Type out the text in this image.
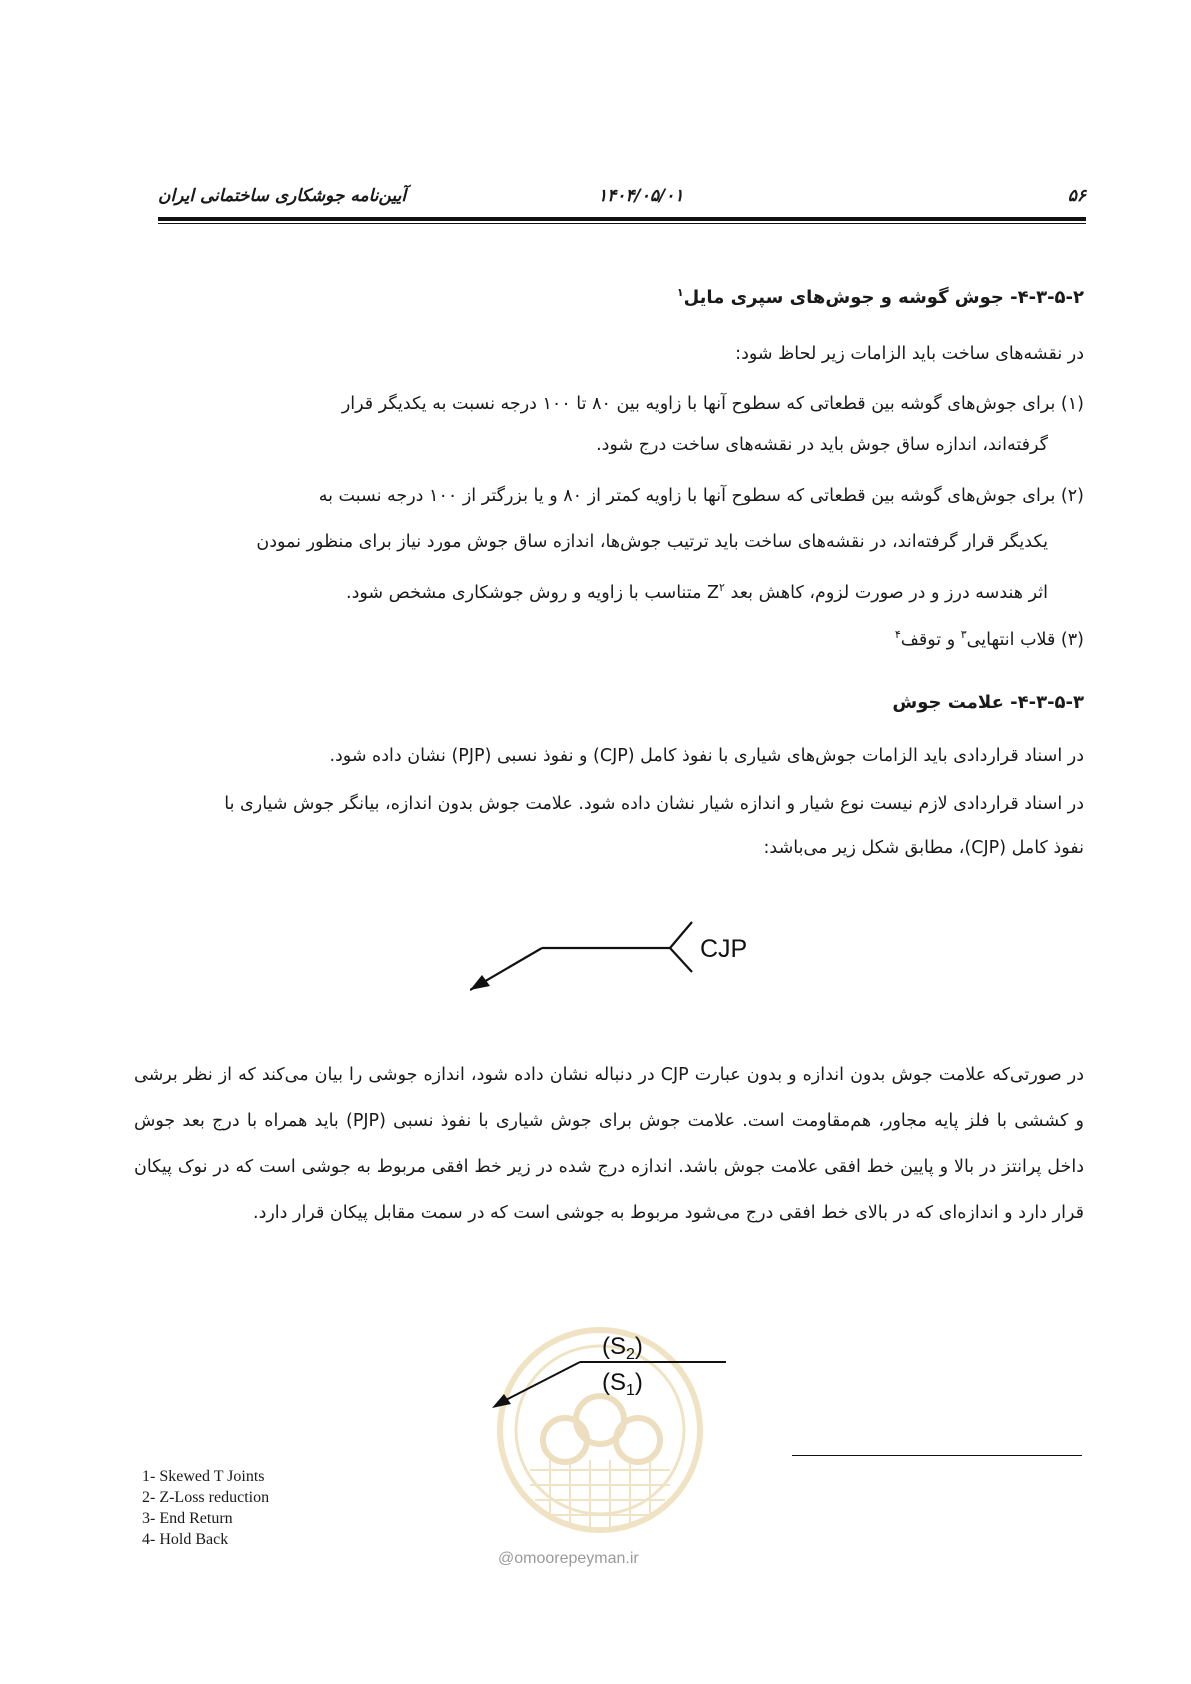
آیین‌نامه جوشکاری ساختمانی ایران	۱۴۰۴/۰۵/۰۱	۵۶
۴-۳-۵-۲- جوش گوشه و جوش‌های سپری مایل$^۱$
در نقشه‌های ساخت باید الزامات زیر لحاظ شود:
(۱) برای جوش‌های گوشه بین قطعاتی که سطوح آنها با زاویه بین ۸۰ تا ۱۰۰ درجه نسبت به یکدیگر قرار
گرفته‌اند، اندازه ساق جوش باید در نقشه‌های ساخت درج شود.
(۲) برای جوش‌های گوشه بین قطعاتی که سطوح آنها با زاویه کمتر از ۸۰ و یا بزرگتر از ۱۰۰ درجه نسبت به
یکدیگر قرار گرفته‌اند، در نقشه‌های ساخت باید ترتیب جوش‌ها، اندازه ساق جوش مورد نیاز برای منظور نمودن
اثر هندسه درز و در صورت لزوم، کاهش بعد $Z^۲$ متناسب با زاویه و روش جوشکاری مشخص شود.
(۳) قلاب انتهایی$^۳$ و توقف$^۴$
۴-۳-۵-۳- علامت جوش
در اسناد قراردادی باید الزامات جوش‌های شیاری با نفوذ کامل (CJP) و نفوذ نسبی (PJP) نشان داده شود.
در اسناد قراردادی لازم نیست نوع شیار و اندازه شیار نشان داده شود. علامت جوش بدون اندازه، بیانگر جوش شیاری با
نفوذ کامل (CJP)، مطابق شکل زیر می‌باشد:
CJP
در صورتی‌که علامت جوش بدون اندازه و بدون عبارت CJP در دنباله نشان داده شود، اندازه جوشی را بیان می‌کند که از نظر برشی و کششی با فلز پایه مجاور، هم‌مقاومت است. علامت جوش برای جوش شیاری با نفوذ نسبی (PJP) باید همراه با درج بعد جوش داخل پرانتز در بالا و پایین خط افقی علامت جوش باشد. اندازه درج شده در زیر خط افقی مربوط به جوشی است که در نوک پیکان قرار دارد و اندازه‌ای که در بالای خط افقی درج می‌شود مربوط به جوشی است که در سمت مقابل پیکان قرار دارد.
$(S_2)$
$(S_1)$
1- Skewed T Joints
2- Z-Loss reduction
3- End Return
4- Hold Back
@omoorepeyman.ir
